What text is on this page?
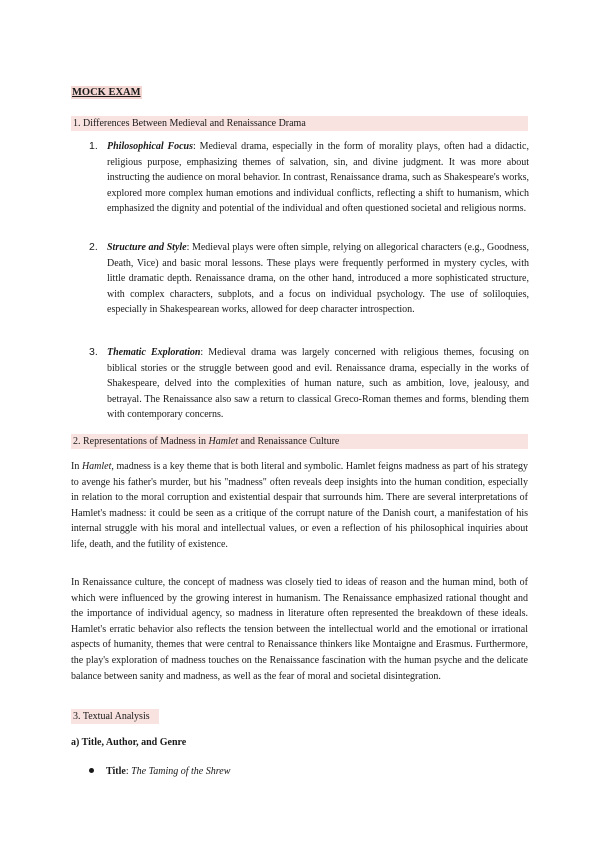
MOCK EXAM
1. Differences Between Medieval and Renaissance Drama
1. Philosophical Focus: Medieval drama, especially in the form of morality plays, often had a didactic, religious purpose, emphasizing themes of salvation, sin, and divine judgment. It was more about instructing the audience on moral behavior. In contrast, Renaissance drama, such as Shakespeare's works, explored more complex human emotions and individual conflicts, reflecting a shift to humanism, which emphasized the dignity and potential of the individual and often questioned societal and religious norms.
2. Structure and Style: Medieval plays were often simple, relying on allegorical characters (e.g., Goodness, Death, Vice) and basic moral lessons. These plays were frequently performed in mystery cycles, with little dramatic depth. Renaissance drama, on the other hand, introduced a more sophisticated structure, with complex characters, subplots, and a focus on individual psychology. The use of soliloquies, especially in Shakespearean works, allowed for deep character introspection.
3. Thematic Exploration: Medieval drama was largely concerned with religious themes, focusing on biblical stories or the struggle between good and evil. Renaissance drama, especially in the works of Shakespeare, delved into the complexities of human nature, such as ambition, love, jealousy, and betrayal. The Renaissance also saw a return to classical Greco-Roman themes and forms, blending them with contemporary concerns.
2. Representations of Madness in Hamlet and Renaissance Culture

In Hamlet, madness is a key theme that is both literal and symbolic. Hamlet feigns madness as part of his strategy to avenge his father's murder, but his "madness" often reveals deep insights into the human condition, especially in relation to the moral corruption and existential despair that surrounds him. There are several interpretations of Hamlet's madness: it could be seen as a critique of the corrupt nature of the Danish court, a manifestation of his internal struggle with his moral and intellectual values, or even a reflection of his philosophical inquiries about life, death, and the futility of existence.

In Renaissance culture, the concept of madness was closely tied to ideas of reason and the human mind, both of which were influenced by the growing interest in humanism. The Renaissance emphasized rational thought and the importance of individual agency, so madness in literature often represented the breakdown of these ideals. Hamlet's erratic behavior also reflects the tension between the intellectual world and the emotional or irrational aspects of humanity, themes that were central to Renaissance thinkers like Montaigne and Erasmus. Furthermore, the play's exploration of madness touches on the Renaissance fascination with the human psyche and the delicate balance between sanity and madness, as well as the fear of moral and societal disintegration.

3. Textual Analysis
a) Title, Author, and Genre
Title: The Taming of the Shrew
